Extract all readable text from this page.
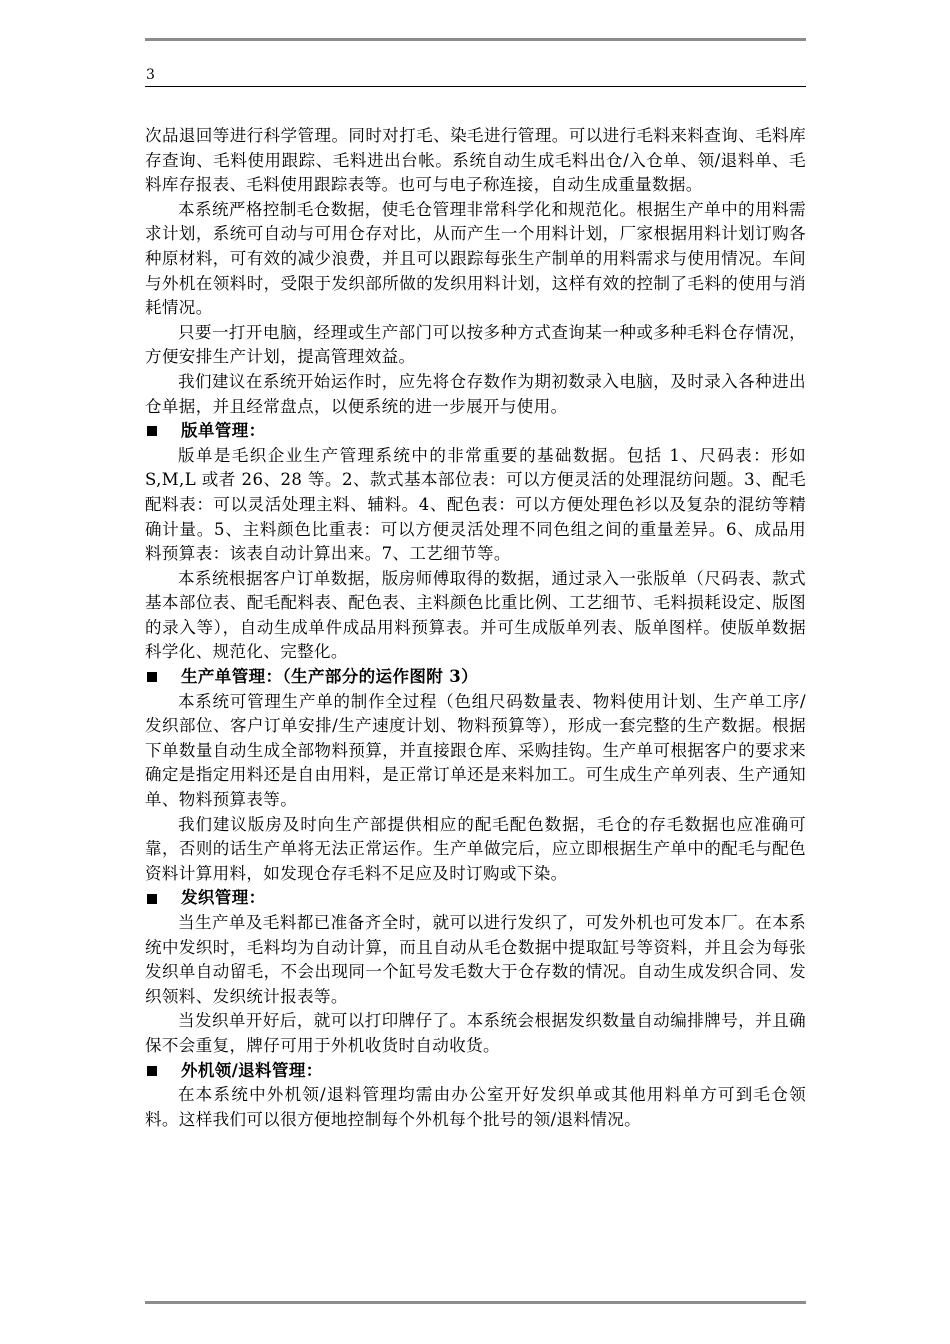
3

次品退回等进行科学管理。同时对打毛、染毛进行管理。可以进行毛料来料查询、毛料库存查询、毛料使用跟踪、毛料进出台帐。系统自动生成毛料出仓/入仓单、领/退料单、毛料库存报表、毛料使用跟踪表等。也可与电子称连接，自动生成重量数据。

本系统严格控制毛仓数据，使毛仓管理非常科学化和规范化。根据生产单中的用料需求计划，系统可自动与可用仓存对比，从而产生一个用料计划，厂家根据用料计划订购各种原材料，可有效的减少浪费，并且可以跟踪每张生产制单的用料需求与使用情况。车间与外机在领料时，受限于发织部所做的发织用料计划，这样有效的控制了毛料的使用与消耗情况。

只要一打开电脑，经理或生产部门可以按多种方式查询某一种或多种毛料仓存情况，方便安排生产计划，提高管理效益。

我们建议在系统开始运作时，应先将仓存数作为期初数录入电脑，及时录入各种进出仓单据，并且经常盘点，以便系统的进一步展开与使用。

版单管理：

版单是毛织企业生产管理系统中的非常重要的基础数据。包括 1、尺码表：形如 S,M,L 或者 26、28 等。2、款式基本部位表：可以方便灵活的处理混纺问题。3、配毛配料表：可以灵活处理主料、辅料。4、配色表：可以方便处理色衫以及复杂的混纺等精确计量。5、主料颜色比重表：可以方便灵活处理不同色组之间的重量差异。6、成品用料预算表：该表自动计算出来。7、工艺细节等。

本系统根据客户订单数据，版房师傅取得的数据，通过录入一张版单（尺码表、款式基本部位表、配毛配料表、配色表、主料颜色比重比例、工艺细节、毛料损耗设定、版图的录入等），自动生成单件成品用料预算表。并可生成版单列表、版单图样。使版单数据科学化、规范化、完整化。

生产单管理：（生产部分的运作图附 3）

本系统可管理生产单的制作全过程（色组尺码数量表、物料使用计划、生产单工序/发织部位、客户订单安排/生产速度计划、物料预算等），形成一套完整的生产数据。根据下单数量自动生成全部物料预算，并直接跟仓库、采购挂钩。生产单可根据客户的要求来确定是指定用料还是自由用料，是正常订单还是来料加工。可生成生产单列表、生产通知单、物料预算表等。

我们建议版房及时向生产部提供相应的配毛配色数据，毛仓的存毛数据也应准确可靠，否则的话生产单将无法正常运作。生产单做完后，应立即根据生产单中的配毛与配色资料计算用料，如发现仓存毛料不足应及时订购或下染。

发织管理：

当生产单及毛料都已准备齐全时，就可以进行发织了，可发外机也可发本厂。在本系统中发织时，毛料均为自动计算，而且自动从毛仓数据中提取缸号等资料，并且会为每张发织单自动留毛，不会出现同一个缸号发毛数大于仓存数的情况。自动生成发织合同、发织领料、发织统计报表等。

当发织单开好后，就可以打印牌仔了。本系统会根据发织数量自动编排牌号，并且确保不会重复，牌仔可用于外机收货时自动收货。

外机领/退料管理：

在本系统中外机领/退料管理均需由办公室开好发织单或其他用料单方可到毛仓领料。这样我们可以很方便地控制每个外机每个批号的领/退料情况。
